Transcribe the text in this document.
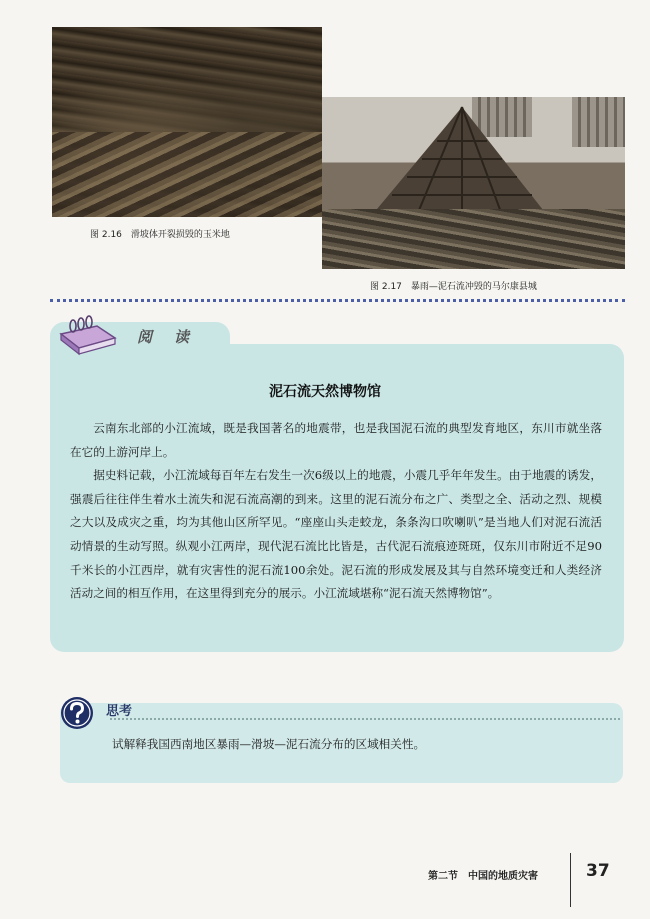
图 2.16　滑坡体开裂损毁的玉米地
图 2.17　暴雨—泥石流冲毁的马尔康县城
阅读
泥石流天然博物馆

云南东北部的小江流域，既是我国著名的地震带，也是我国泥石流的典型发育地区，东川市就坐落在它的上游河岸上。

据史料记载，小江流域每百年左右发生一次6级以上的地震，小震几乎年年发生。由于地震的诱发，强震后往往伴生着水土流失和泥石流高潮的到来。这里的泥石流分布之广、类型之全、活动之烈、规模之大以及成灾之重，均为其他山区所罕见。“座座山头走蛟龙，条条沟口吹喇叭”是当地人们对泥石流活动情景的生动写照。纵观小江两岸，现代泥石流比比皆是，古代泥石流痕迹斑斑，仅东川市附近不足90千米长的小江西岸，就有灾害性的泥石流100余处。泥石流的形成发展及其与自然环境变迁和人类经济活动之间的相互作用，在这里得到充分的展示。小江流域堪称“泥石流天然博物馆”。

思考
试解释我国西南地区暴雨—滑坡—泥石流分布的区域相关性。
第二节　中国的地质灾害	37
